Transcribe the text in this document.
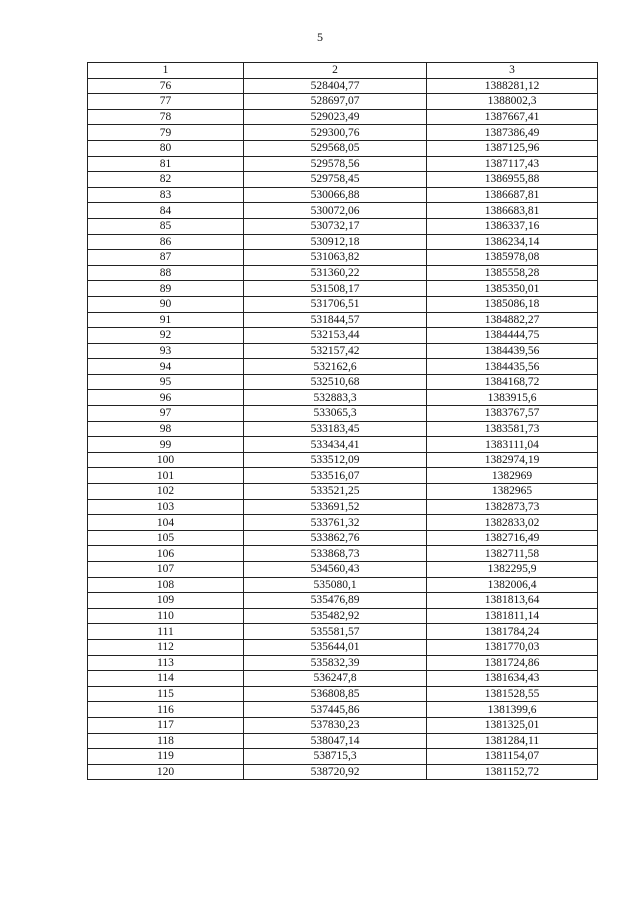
5
1	2	3
76	528404,77	1388281,12
77	528697,07	1388002,3
78	529023,49	1387667,41
79	529300,76	1387386,49
80	529568,05	1387125,96
81	529578,56	1387117,43
82	529758,45	1386955,88
83	530066,88	1386687,81
84	530072,06	1386683,81
85	530732,17	1386337,16
86	530912,18	1386234,14
87	531063,82	1385978,08
88	531360,22	1385558,28
89	531508,17	1385350,01
90	531706,51	1385086,18
91	531844,57	1384882,27
92	532153,44	1384444,75
93	532157,42	1384439,56
94	532162,6	1384435,56
95	532510,68	1384168,72
96	532883,3	1383915,6
97	533065,3	1383767,57
98	533183,45	1383581,73
99	533434,41	1383111,04
100	533512,09	1382974,19
101	533516,07	1382969
102	533521,25	1382965
103	533691,52	1382873,73
104	533761,32	1382833,02
105	533862,76	1382716,49
106	533868,73	1382711,58
107	534560,43	1382295,9
108	535080,1	1382006,4
109	535476,89	1381813,64
110	535482,92	1381811,14
111	535581,57	1381784,24
112	535644,01	1381770,03
113	535832,39	1381724,86
114	536247,8	1381634,43
115	536808,85	1381528,55
116	537445,86	1381399,6
117	537830,23	1381325,01
118	538047,14	1381284,11
119	538715,3	1381154,07
120	538720,92	1381152,72
